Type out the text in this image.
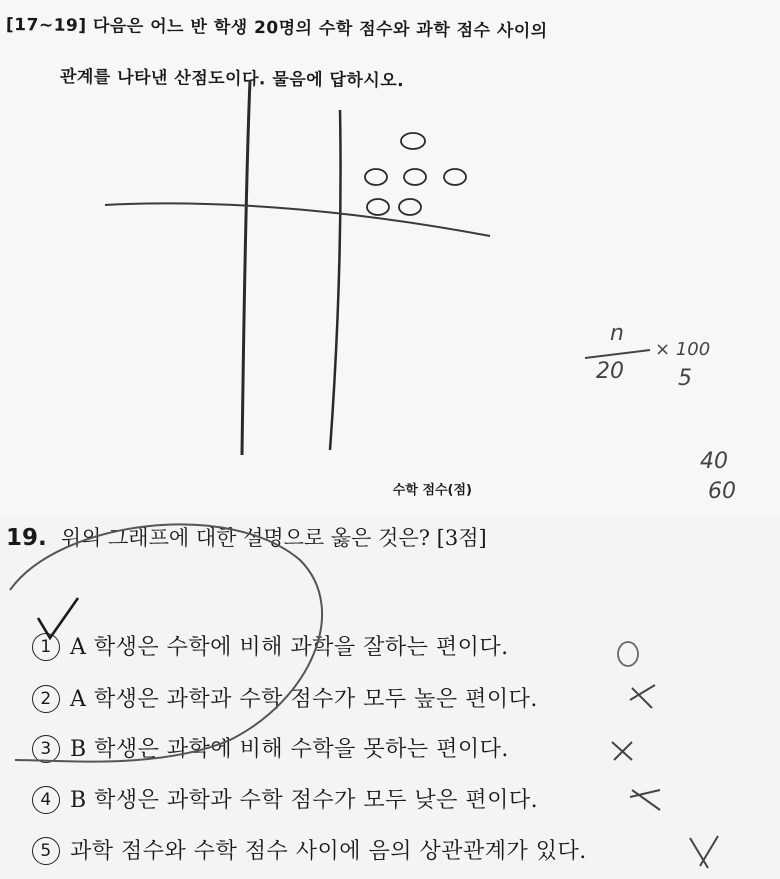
[17~19] 다음은 어느 반 학생 20명의 수학 점수와 과학 점수 사이의
관계를 나타낸 산점도이다. 물음에 답하시오.
수학 점수(점)
19. 위의 그래프에 대한 설명으로 옳은 것은? [3점]
1 A 학생은 수학에 비해 과학을 잘하는 편이다.
2 A 학생은 과학과 수학 점수가 모두 높은 편이다.
3 B 학생은 과학에 비해 수학을 못하는 편이다.
4 B 학생은 과학과 수학 점수가 모두 낮은 편이다.
5 과학 점수와 수학 점수 사이에 음의 상관관계가 있다.
n
20
× 100
5
40
60
